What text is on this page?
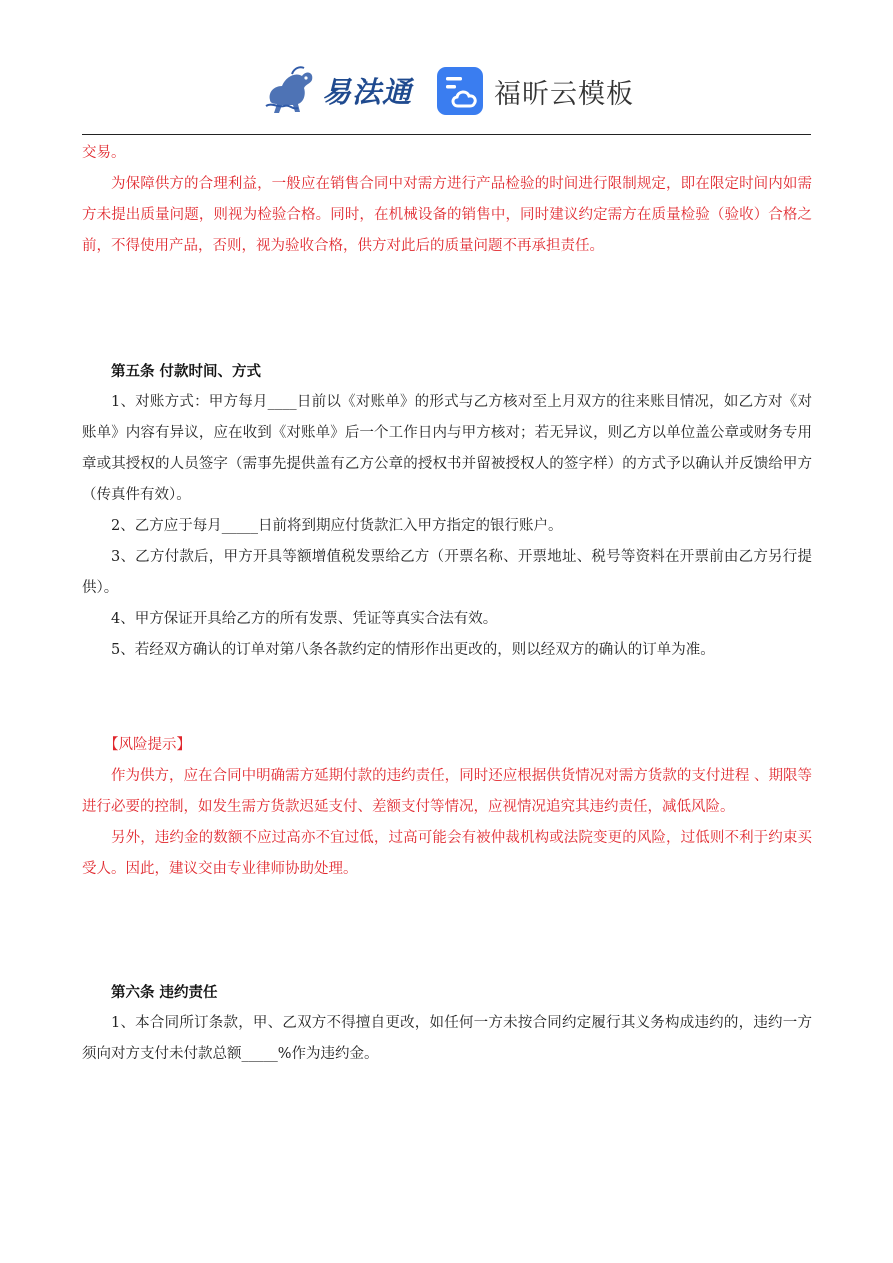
易法通	福昕云模板

交易。

为保障供方的合理利益，一般应在销售合同中对需方进行产品检验的时间进行限制规定，即在限定时间内如需方未提出质量问题，则视为检验合格。同时，在机械设备的销售中，同时建议约定需方在质量检验（验收）合格之前，不得使用产品，否则，视为验收合格，供方对此后的质量问题不再承担责任。

第五条 付款时间、方式

1、对账方式：甲方每月____日前以《对账单》的形式与乙方核对至上月双方的往来账目情况，如乙方对《对账单》内容有异议，应在收到《对账单》后一个工作日内与甲方核对；若无异议，则乙方以单位盖公章或财务专用章或其授权的人员签字（需事先提供盖有乙方公章的授权书并留被授权人的签字样）的方式予以确认并反馈给甲方（传真件有效）。

2、乙方应于每月_____日前将到期应付货款汇入甲方指定的银行账户。

3、乙方付款后，甲方开具等额增值税发票给乙方（开票名称、开票地址、税号等资料在开票前由乙方另行提供）。

4、甲方保证开具给乙方的所有发票、凭证等真实合法有效。

5、若经双方确认的订单对第八条各款约定的情形作出更改的，则以经双方的确认的订单为准。

【风险提示】

作为供方，应在合同中明确需方延期付款的违约责任，同时还应根据供货情况对需方货款的支付进程 、期限等进行必要的控制，如发生需方货款迟延支付、差额支付等情况，应视情况追究其违约责任，减低风险。

另外，违约金的数额不应过高亦不宜过低，过高可能会有被仲裁机构或法院变更的风险，过低则不利于约束买受人。因此，建议交由专业律师协助处理。

第六条 违约责任

1、本合同所订条款，甲、乙双方不得擅自更改，如任何一方未按合同约定履行其义务构成违约的，违约一方须向对方支付未付款总额_____%作为违约金。
